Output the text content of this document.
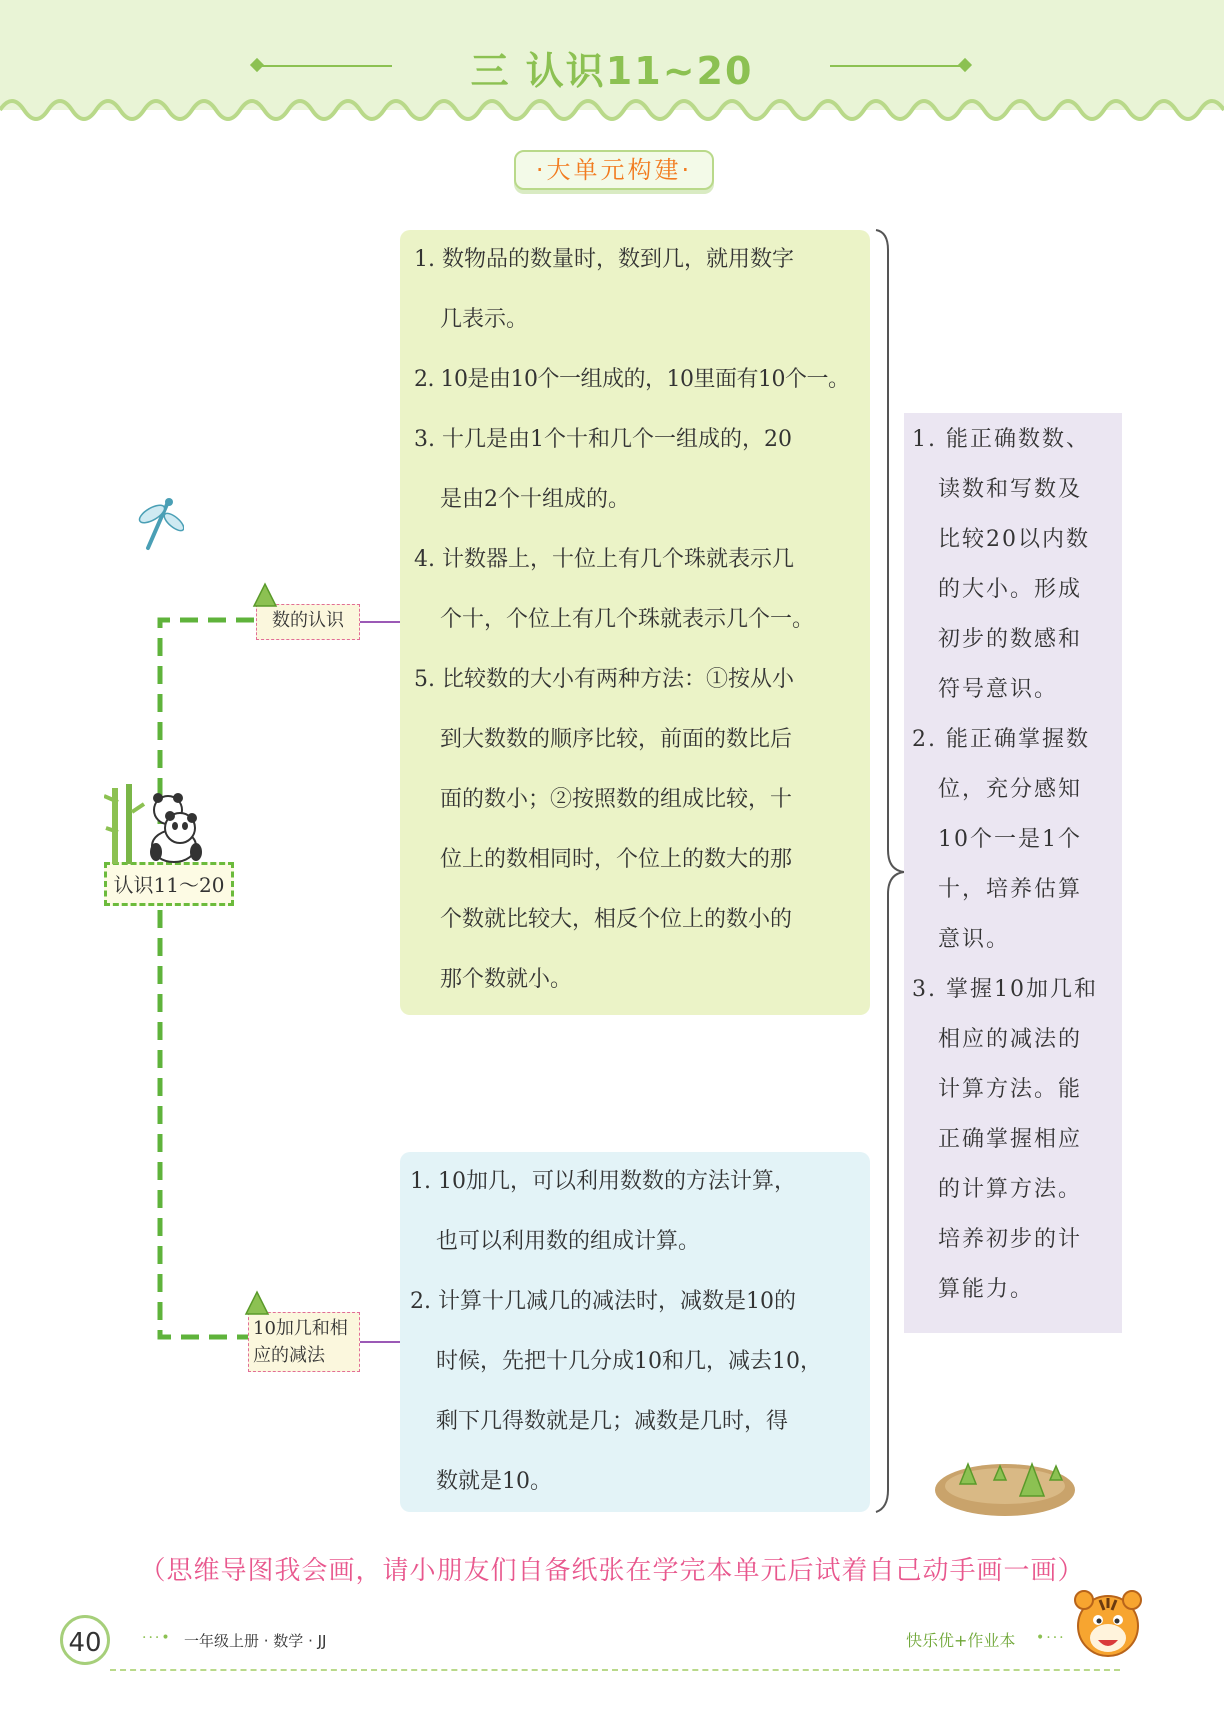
三 认识11~20
·大单元构建·
认识11～20
数的认识
10加几和相应的减法

1. 数物品的数量时，数到几，就用数字

几表示。

2. 10是由10个一组成的，10里面有10个一。

3. 十几是由1个十和几个一组成的，20

是由2个十组成的。

4. 计数器上，十位上有几个珠就表示几

个十，个位上有几个珠就表示几个一。

5. 比较数的大小有两种方法：①按从小

到大数数的顺序比较，前面的数比后

面的数小；②按照数的组成比较，十

位上的数相同时，个位上的数大的那

个数就比较大，相反个位上的数小的

那个数就小。

1. 10加几，可以利用数数的方法计算，

也可以利用数的组成计算。

2. 计算十几减几的减法时，减数是10的

时候，先把十几分成10和几，减去10，

剩下几得数就是几；减数是几时，得

数就是10。

1. 能正确数数、

读数和写数及

比较20以内数

的大小。形成

初步的数感和

符号意识。

2. 能正确掌握数

位，充分感知

10个一是1个

十，培养估算

意识。

3. 掌握10加几和

相应的减法的

计算方法。能

正确掌握相应

的计算方法。

培养初步的计

算能力。

（思维导图我会画，请小朋友们自备纸张在学完本单元后试着自己动手画一画）
40	···• 一年级上册 · 数学 · JJ	快乐优+作业本 •···
